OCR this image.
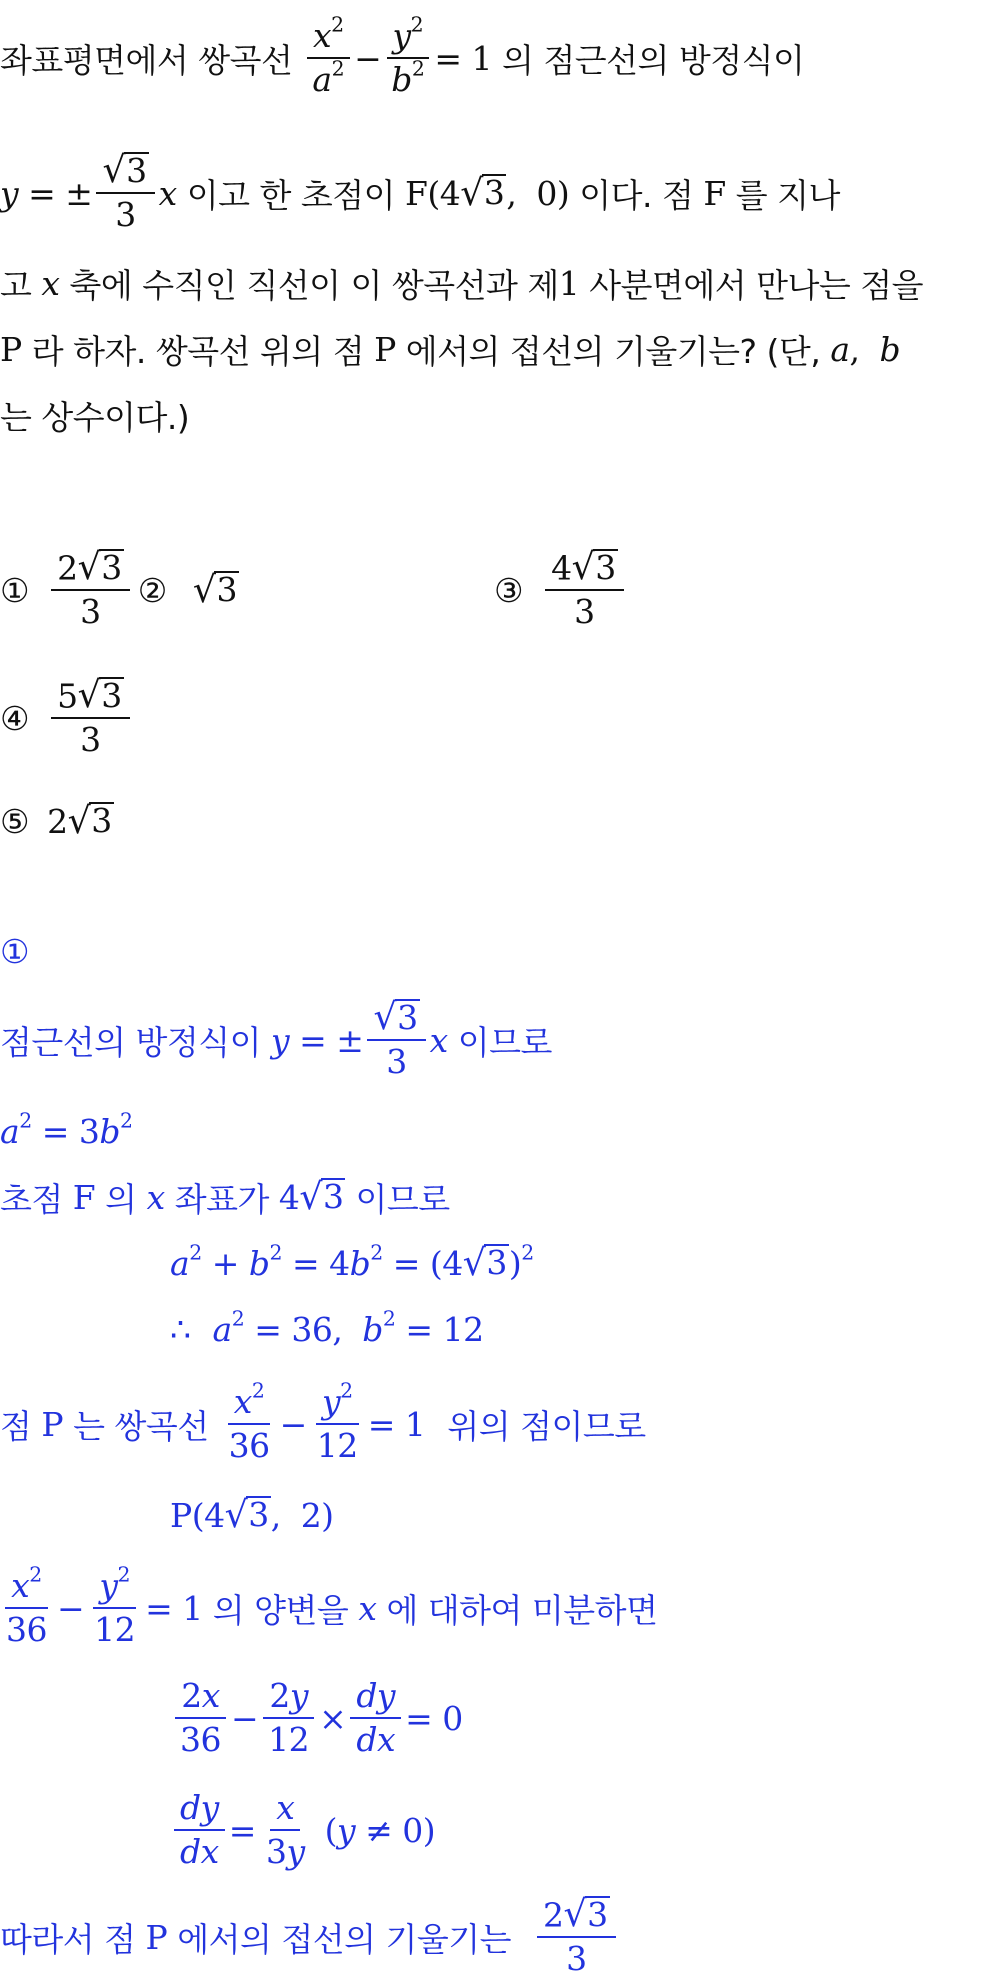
좌표평면에서 쌍곡선 $\frac{x^2}{a^2} - \frac{y^2}{b^2} = 1$ 의 점근선의 방정식이
y = ± $\frac{√ 3}{3}$ x 이고 한 초점이 F (4 √ 3 ,  0) 이다. 점 F 를 지나
고 x 축에 수직인 직선이 이 쌍곡선과 제 1 사분면에서 만나는 점을
P 라 하자. 쌍곡선 위의 점 P 에서의 접선의 기울기는? (단, a , b
는 상수이다.)
① $\frac{2 √ 3}{3}$ ② √ 3	③ $\frac{4 √ 3}{3}$
④ $\frac{5 √ 3}{3}$
⑤ 2 √ 3
①
점근선의 방정식이 y = ± $\frac{√ 3}{3}$ x 이므로
$a^2 = 3$ $b^2$
초점 F 의 x 좌표가 4 √ 3 이므로
$a^2 + b^2 = 4$ $b^2 = (4$ √ 3 )$^2$
∴ $a^2 = 36$, $b^2 = 12$
점 P 는 쌍곡선 $\frac{x^2}{36} - \frac{y^2}{12} = 1$ 위의 점이므로
P(4 √ 3 ,  2)
$\frac{x^2}{36} - \frac{y^2}{12} = 1$ 의 양변을 x 에 대하여 미분하면
$\frac{2x}{36} - \frac{2y}{12} \times \frac{dy}{dx} = 0$
$\frac{dy}{dx} = \frac{x}{3y} (y \ne 0)$
따라서 점 P 에서의 접선의 기울기는 $\frac{2 √ 3}{3}$
